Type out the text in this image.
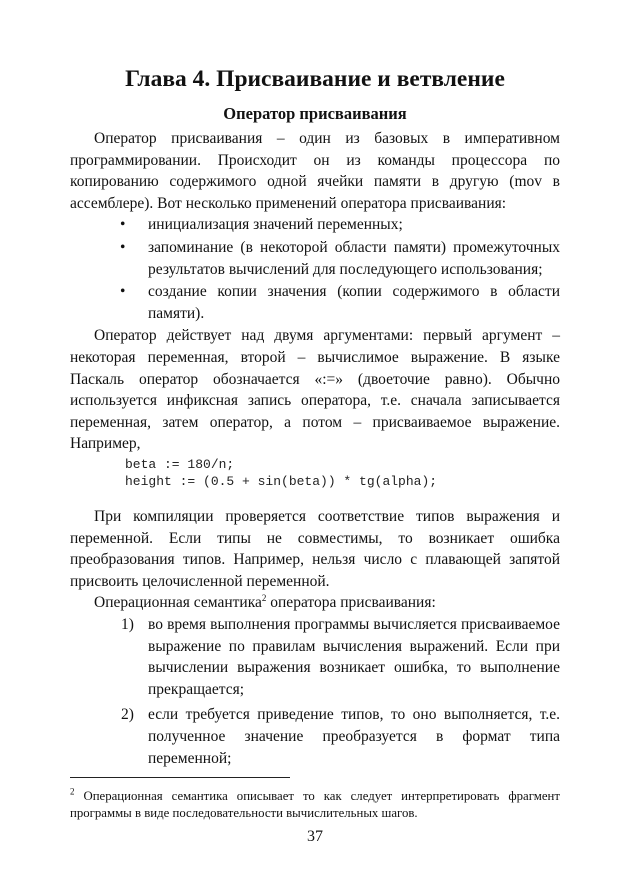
Глава 4. Присваивание и ветвление
Оператор присваивания

Оператор присваивания – один из базовых в императивном программировании. Происходит он из команды процессора по копированию содержимого одной ячейки памяти в другую (mov в ассемблере). Вот несколько применений оператора присваивания:

• инициализация значений переменных;
• запоминание (в некоторой области памяти) промежуточных результатов вычислений для последующего использования;
• создание копии значения (копии содержимого в области памяти).

Оператор действует над двумя аргументами: первый аргумент – некоторая переменная, второй – вычислимое выражение. В языке Паскаль оператор обозначается «:=» (двоеточие равно). Обычно используется инфиксная запись оператора, т.е. сначала записывается переменная, затем оператор, а потом – присваиваемое выражение. Например,

beta := 180/n;
height := (0.5 + sin(beta)) * tg(alpha);

При компиляции проверяется соответствие типов выражения и переменной. Если типы не совместимы, то возникает ошибка преобразования типов. Например, нельзя число с плавающей запятой присвоить целочисленной переменной.

Операционная семантика$^2$ оператора присваивания:

1) во время выполнения программы вычисляется присваиваемое выражение по правилам вычисления выражений. Если при вычислении выражения возникает ошибка, то выполнение прекращается;
2) если требуется приведение типов, то оно выполняется, т.е. полученное значение преобразуется в формат типа переменной;

$^2$ Операционная семантика описывает то как следует интерпретировать фрагмент программы в виде последовательности вычислительных шагов.

37
